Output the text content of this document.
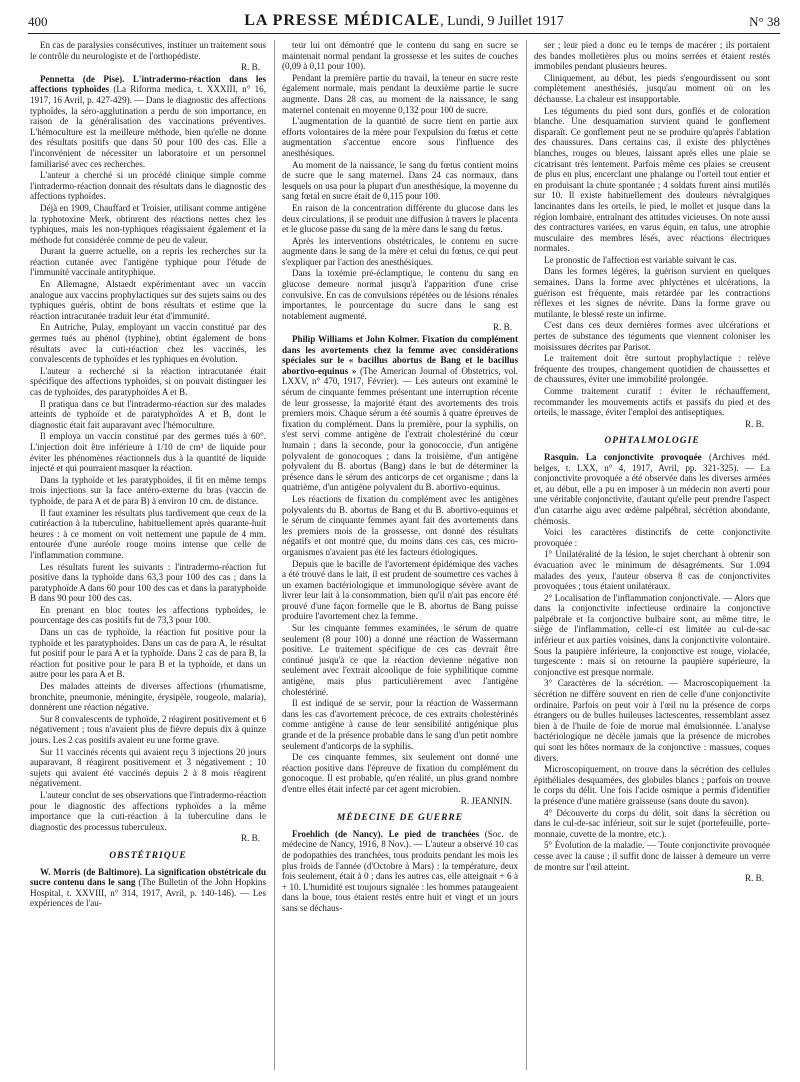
400	LA PRESSE MÉDICALE, Lundi, 9 Juillet 1917	N° 38

En cas de paralysies consécutives, instituer un traitement sous le contrôle du neurologiste et de l'orthopédiste.

R. B.

Pennetta (de Pise). L'intradermo-réaction dans les affections typhoïdes (La Riforma medica, t. XXXIII, n° 16, 1917, 16 Avril, p. 427-429). — Dans le diagnostic des affections typhoïdes, la séro-agglutination a perdu de son importance, en raison de la généralisation des vaccinations préventives. L'hémoculture est la meilleure méthode, bien qu'elle ne donne des résultats positifs que dans 50 pour 100 des cas. Elle a l'inconvénient de nécessiter un laboratoire et un personnel familiarisé avec ces recherches.

L'auteur a cherché si un procédé clinique simple comme l'intradermo-réaction donnait des résultats dans le diagnostic des affections typhoïdes.

Déjà en 1909, Chauffard et Troisier, utilisant comme antigène la typhotoxine Merk, obtinrent des réactions nettes chez les typhiques, mais les non-typhiques réagissaient également et la méthode fut considérée comme de peu de valeur.

Durant la guerre actuelle, on a repris les recherches sur la réaction cutanée avec l'antigène typhique pour l'étude de l'immunité vaccinale antityphique.

En Allemagne, Alstaedt expérimentant avec un vaccin analogue aux vaccins prophylactiques sur des sujets sains ou des typhiques guéris, obtint de bons résultats et estime que la réaction intracutanée traduit leur état d'immunité.

En Autriche, Pulay, employant un vaccin constitué par des germes tués au phénol (typhine), obtint également de bons résultats avec la cuti-réaction chez les vaccinés, les convalescents de typhoïdes et les typhiques en évolution.

L'auteur a recherché si la réaction intracutanée était spécifique des affections typhoïdes, si on pouvait distinguer les cas de typhoïdes, des paratyphoïdes A et B.

Il pratiqua dans ce but l'intradermo-réaction sur des malades atteints de typhoïde et de paratyphoïdes A et B, dont le diagnostic était fait auparavant avec l'hémoculture.

Il employa un vaccin constitué par des germes tués à 60°. L'injection doit être inférieure à 1/10 de cm³ de liquide pour éviter les phénomènes réactionnels dus à la quantité de liquide injecté et qui pourraient masquer la réaction.

Dans la typhoïde et les paratyphoïdes, il fit en même temps trois injections sur la face antéro-externe du bras (vaccin de typhoïde, de para A et de para B) à environ 10 cm. de distance.

Il faut examiner les résultats plus tardivement que ceux de la cutiréaction à la tuberculine, habituellement après quarante-huit heures : à ce moment on voit nettement une papule de 4 mm. entourée d'une auréole rouge moins intense que celle de l'inflammation commune.

Les résultats furent les suivants : l'intradermo-réaction fut positive dans la typhoïde dans 63,3 pour 100 des cas ; dans la paratyphoïde A dans 60 pour 100 des cas et dans la paratyphoïde B dans 90 pour 100 des cas.

En prenant en bloc toutes les affections typhoïdes, le pourcentage des cas positifs fut de 73,3 pour 100.

Dans un cas de typhoïde, la réaction fut positive pour la typhoïde et les paratyphoïdes. Dans un cas de para A, le résultat fut positif pour le para A et la typhoïde. Dans 2 cas de para B, la réaction fut positive pour le para B et la typhoïde, et dans un autre pour les para A et B.

Des malades atteints de diverses affections (rhumatisme, bronchite, pneumonie, méningite, érysipèle, rougeole, malaria), donnèrent une réaction négative.

Sur 8 convalescents de typhoïde, 2 réagirent positivement et 6 négativement ; tous n'avaient plus de fièvre depuis dix à quinze jours. Les 2 cas positifs avaient eu une forme grave.

Sur 11 vaccinés récents qui avaient reçu 3 injections 20 jours auparavant, 8 réagirent positivement et 3 négativement ; 10 sujets qui avaient été vaccinés depuis 2 à 8 mois réagirent négativement.

L'auteur conclut de ses observations que l'intradermo-réaction pour le diagnostic des affections typhoïdes a la même importance que la cuti-réaction à la tuberculine dans le diagnostic des processus tuberculeux.

R. B.

OBSTÉTRIQUE

W. Morris (de Baltimore). La signification obstétricale du sucre contenu dans le sang (The Bulletin of the John Hopkins Hospital, t. XXVIII, n° 314, 1917, Avril, p. 140-146). — Les expériences de l'au-

teur lui ont démontré que le contenu du sang en sucre se maintenait normal pendant la grossesse et les suites de couches (0,09 à 0,11 pour 100).

Pendant la première partie du travail, la teneur en sucre reste également normale, mais pendant la deuxième partie le sucre augmente. Dans 28 cas, au moment de la naissance, le sang maternel contenait en moyenne 0,132 pour 100 de sucre.

L'augmentation de la quantité de sucre tient en partie aux efforts volontaires de la mère pour l'expulsion du fœtus et cette augmentation s'accentue encore sous l'influence des anesthésiques.

Au moment de la naissance, le sang du fœtus contient moins de sucre que le sang maternel. Dans 24 cas normaux, dans lesquels on usa pour la plupart d'un anesthésique, la moyenne du sang fœtal en sucre était de 0,115 pour 100.

En raison de la concentration différente du glucose dans les deux circulations, il se produit une diffusion à travers le placenta et le glucose passe du sang de la mère dans le sang du fœtus.

Après les interventions obstétricales, le contenu en sucre augmente dans le sang de la mère et celui du fœtus, ce qui peut s'expliquer par l'action des anesthésiques.

Dans la toxémie pré-éclamptique, le contenu du sang en glucose demeure normal jusqu'à l'apparition d'une crise convulsive. En cas de convulsions répétées ou de lésions rénales importantes, le pourcentage du sucre dans le sang est notablement augmenté.

R. B.

Philip Williams et John Kolmer. Fixation du complément dans les avortements chez la femme avec considérations spéciales sur le « bacillus abortus de Bang et le bacillus abortivo-equinus » (The American Journal of Obstetrics, vol. LXXV, n° 470, 1917, Février). — Les auteurs ont examiné le sérum de cinquante femmes présentant une interruption récente de leur grossesse, la majorité étant des avortements des trois premiers mois. Chaque sérum a été soumis à quatre épreuves de fixation du complément. Dans la première, pour la syphilis, on s'est servi comme antigène de l'extrait cholestériné du cœur humain ; dans la seconde, pour la gonococcie, d'un antigène polyvalent de gonocoques ; dans la troisième, d'un antigène polyvalent du B. abortus (Bang) dans le but de déterminer la présence dans le sérum des anticorps de cet organisme ; dans la quatrième, d'un antigène polyvalent du B. abortivo-equinus.

Les réactions de fixation du complément avec les antigènes polyvalents du B. abortus de Bang et du B. abortivo-equinus et le sérum de cinquante femmes ayant fait des avortements dans les premiers mois de la grossesse, ont donné des résultats négatifs et ont montré que, du moins dans ces cas, ces micro-organismes n'avaient pas été les facteurs étiologiques.

Depuis que le bacille de l'avortement épidémique des vaches a été trouvé dans le lait, il est prudent de soumettre ces vaches à un examen bactériologique et immunologique sévère avant de livrer leur lait à la consommation, bien qu'il n'ait pas encore été prouvé d'une façon formelle que le B. abortus de Bang puisse produire l'avortement chez la femme.

Sur les cinquante femmes examinées, le sérum de quatre seulement (8 pour 100) a donné une réaction de Wassermann positive. Le traitement spécifique de ces cas devrait être continué jusqu'à ce que la réaction devienne négative non seulement avec l'extrait alcoolique de foie syphilitique comme antigène, mais plus particulièrement avec l'antigène cholestériné.

Il est indiqué de se servir, pour la réaction de Wassermann dans les cas d'avortement précoce, de ces extraits cholestérinés comme antigène à cause de leur sensibilité antigénique plus grande et de la présence probable dans le sang d'un petit nombre seulement d'anticorps de la syphilis.

De ces cinquante femmes, six seulement ont donné une réaction positive dans l'épreuve de fixation du complément du gonocoque. Il est probable, qu'en réalité, un plus grand nombre d'entre elles était infecté par cet agent microbien.

R. JEANNIN.

MÉDECINE DE GUERRE

Froehlich (de Nancy). Le pied de tranchées (Soc. de médecine de Nancy, 1916, 8 Nov.). — L'auteur a observé 10 cas de podopathies des tranchées, tous produits pendant les mois les plus froids de l'année (d'Octobre à Mars) : la température, deux fois seulement, était à 0 ; dans les autres cas, elle atteignait + 6 à + 10. L'humidité est toujours signalée : les hommes pataugeaient dans la boue, tous étaient restés entre huit et vingt et un jours sans se déchaus-

ser ; leur pied a donc eu le temps de macérer ; ils portaient des bandes molletières plus ou moins serrées et étaient restés immobiles pendant plusieurs heures.

Cliniquement, au début, les pieds s'engourdissent ou sont complètement anesthésiés, jusqu'au moment où on les déchausse. La chaleur est insupportable.

Les téguments du pied sont durs, gonflés et de coloration blanche. Une desquamation survient quand le gonflement disparaît. Ce gonflement peut ne se produire qu'après l'ablation des chaussures. Dans certains cas, il existe des phlyctènes blanches, rouges ou bleues, laissant après elles une plaie se cicatrisant très lentement. Parfois même ces plaies se creusent de plus en plus, encerclant une phalange ou l'orteil tout entier et en produisant la chute spontanée ; 4 soldats furent ainsi mutilés sur 10. Il existe habituellement des douleurs névralgiques lancinantes dans les orteils, le pied, le mollet et jusque dans la région lombaire, entraînant des attitudes vicieuses. On note aussi des contractures variées, en varus équin, en talus, une atrophie musculaire des membres lésés, avec réactions électriques normales.

Le pronostic de l'affection est variable suivant le cas.

Dans les formes légères, la guérison survient en quelques semaines. Dans la forme avec phlyctènes et ulcérations, la guérison est fréquente, mais retardée par les contractions réflexes et les signes de névrite. Dans la forme grave ou mutilante, le blessé reste un infirme.

C'est dans ces deux dernières formes avec ulcérations et pertes de substance des téguments que viennent coloniser les moisissures décrites par Parisot.

Le traitement doit être surtout prophylactique : relève fréquente des troupes, changement quotidien de chaussettes et de chaussures, éviter une immobilité prolongée.

Comme traitement curatif : éviter le réchauffement, recommander les mouvements actifs et passifs du pied et des orteils, le massage, éviter l'emploi des antiseptiques.

R. B.

OPHTALMOLOGIE

Rasquin. La conjonctivite provoquée (Archives méd. belges, t. LXX, n° 4, 1917, Avril, pp. 321-325). — La conjonctivite provoquée a été observée dans les diverses armées et, au début, elle a pu en imposer à un médecin non averti pour une véritable conjonctivite, d'autant qu'elle peut prendre l'aspect d'un catarrhe aigu avec œdème palpébral, sécrétion abondante, chémosis.

Voici les caractères distinctifs de cette conjonctivite provoquée :

1° Unilatéralité de la lésion, le sujet cherchant à obtenir son évacuation avec le minimum de désagréments. Sur 1.094 malades des yeux, l'auteur observa 8 cas de conjonctivites provoquées ; tous étaient unilatéraux.

2° Localisation de l'inflammation conjonctivale. — Alors que dans la conjonctivite infectieuse ordinaire la conjonctive palpébrale et la conjonctive bulbaire sont, au même titre, le siège de l'inflammation, celle-ci est limitée au cul-de-sac inférieur et aux parties voisines, dans la conjonctivite volontaire. Sous la paupière inférieure, la conjonctive est rouge, violacée, turgescente : mais si on retourne la paupière supérieure, la conjonctive est presque normale.

3° Caractères de la sécrétion. — Macroscopiquement la sécrétion ne diffère souvent en rien de celle d'une conjonctivite ordinaire. Parfois on peut voir à l'œil nu la présence de corps étrangers ou de bulles huileuses lactescentes, ressemblant assez bien à de l'huile de foie de morue mal émulsionnée. L'analyse bactériologique ne décèle jamais que la présence de microbes qui sont les hôtes normaux de la conjonctive : massues, coques divers.

Microscopiquement, on trouve dans la sécrétion des cellules épithéliales desquamées, des globules blancs ; parfois on trouve le corps du délit. Une fois l'acide osmique a permis d'identifier la présence d'une matière graisseuse (sans doute du savon).

4° Découverte du corps du délit, soit dans la sécrétion ou dans le cul-de-sac inférieur, soit sur le sujet (portefeuille, porte-monnaie, cuvette de la montre, etc.).

5° Évolution de la maladie. — Toute conjonctivite provoquée cesse avec la cause ; il suffit donc de laisser à demeure un verre de montre sur l'œil atteint.

R. B.
